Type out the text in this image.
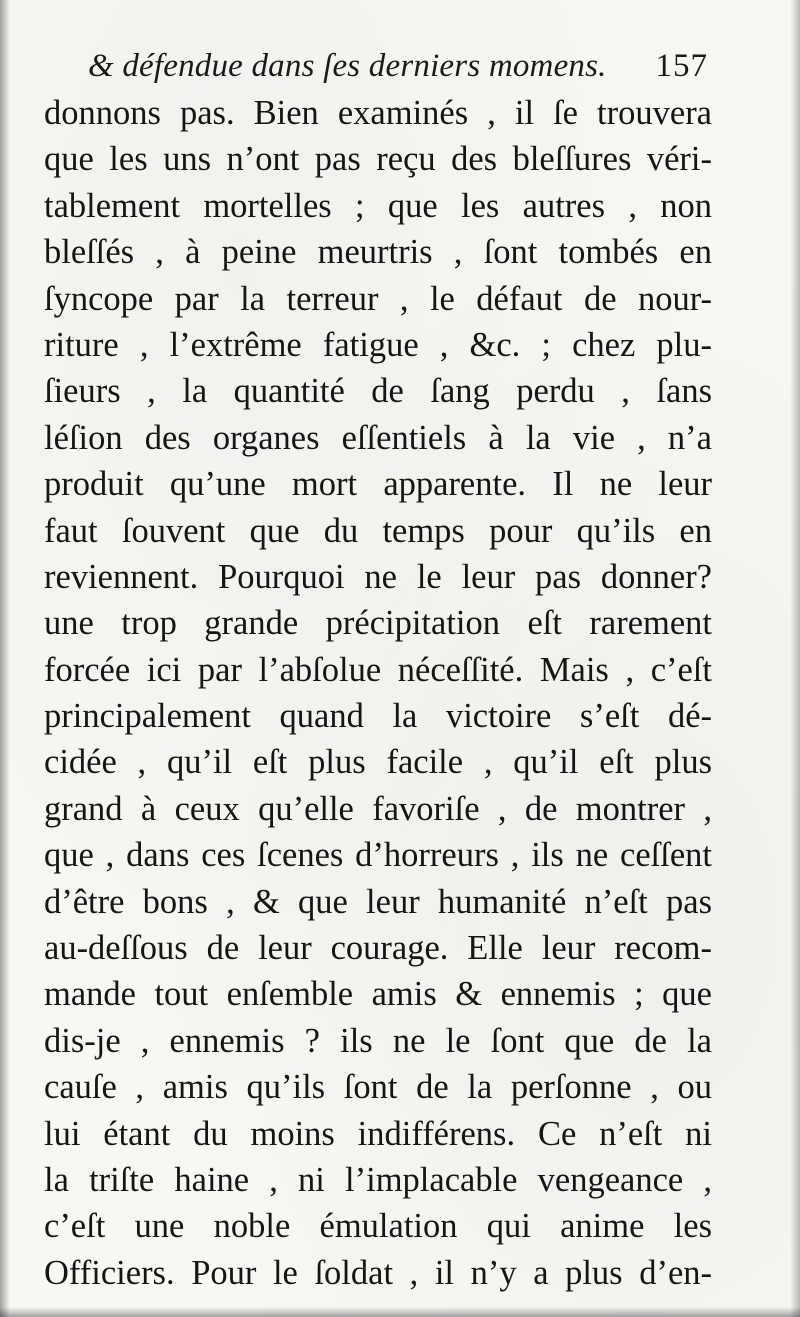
& défendue dans ſes derniers momens. 157
donnons pas. Bien examinés , il ſe trouvera
que les uns n’ont pas reçu des bleſſures véri-
tablement mortelles ; que les autres , non
bleſſés , à peine meurtris , ſont tombés en
ſyncope par la terreur , le défaut de nour-
riture , l’extrême fatigue , &c. ; chez plu-
ſieurs , la quantité de ſang perdu , ſans
léſion des organes eſſentiels à la vie , n’a
produit qu’une mort apparente. Il ne leur
faut ſouvent que du temps pour qu’ils en
reviennent. Pourquoi ne le leur pas donner?
une trop grande précipitation eſt rarement
forcée ici par l’abſolue néceſſité. Mais , c’eſt
principalement quand la victoire s’eſt dé-
cidée , qu’il eſt plus facile , qu’il eſt plus
grand à ceux qu’elle favoriſe , de montrer ,
que , dans ces ſcenes d’horreurs , ils ne ceſſent
d’être bons , & que leur humanité n’eſt pas
au-deſſous de leur courage. Elle leur recom-
mande tout enſemble amis & ennemis ; que
dis-je , ennemis ? ils ne le ſont que de la
cauſe , amis qu’ils ſont de la perſonne , ou
lui étant du moins indifférens. Ce n’eſt ni
la triſte haine , ni l’implacable vengeance ,
c’eſt une noble émulation qui anime les
Officiers. Pour le ſoldat , il n’y a plus d’en-
